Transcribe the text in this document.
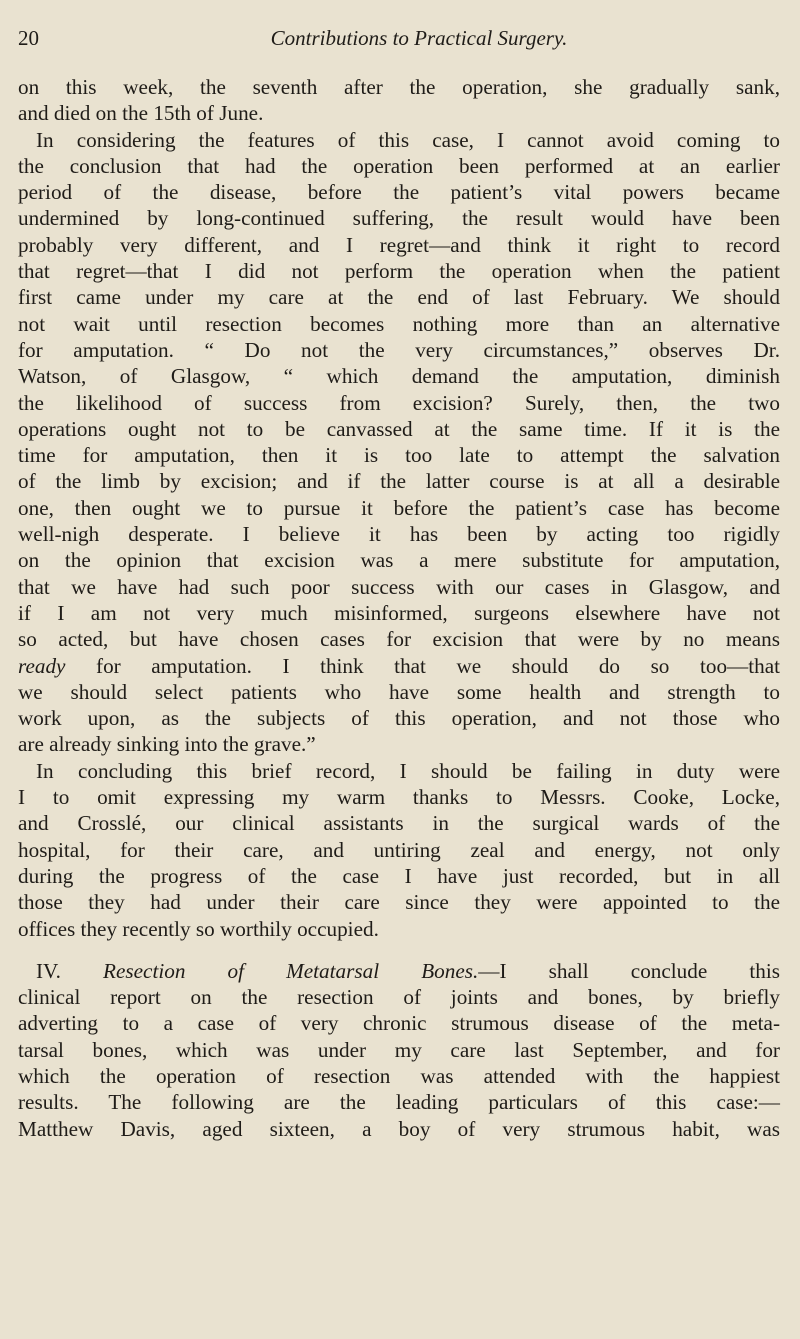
20	Contributions to Practical Surgery.

on this week, the seventh after the operation, she gradually sank,
and died on the 15th of June.

In considering the features of this case, I cannot avoid coming to
the conclusion that had the operation been performed at an earlier
period of the disease, before the patient’s vital powers became
undermined by long-continued suffering, the result would have been
probably very different, and I regret—and think it right to record
that regret—that I did not perform the operation when the patient
first came under my care at the end of last February. We should
not wait until resection becomes nothing more than an alternative
for amputation. “ Do not the very circumstances,” observes Dr.
Watson, of Glasgow, “ which demand the amputation, diminish
the likelihood of success from excision? Surely, then, the two
operations ought not to be canvassed at the same time. If it is the
time for amputation, then it is too late to attempt the salvation
of the limb by excision; and if the latter course is at all a desirable
one, then ought we to pursue it before the patient’s case has become
well-nigh desperate. I believe it has been by acting too rigidly
on the opinion that excision was a mere substitute for amputation,
that we have had such poor success with our cases in Glasgow, and
if I am not very much misinformed, surgeons elsewhere have not
so acted, but have chosen cases for excision that were by no means
ready for amputation. I think that we should do so too—that
we should select patients who have some health and strength to
work upon, as the subjects of this operation, and not those who
are already sinking into the grave.”

In concluding this brief record, I should be failing in duty were
I to omit expressing my warm thanks to Messrs. Cooke, Locke,
and Crosslé, our clinical assistants in the surgical wards of the
hospital, for their care, and untiring zeal and energy, not only
during the progress of the case I have just recorded, but in all
those they had under their care since they were appointed to the
offices they recently so worthily occupied.

IV. Resection of Metatarsal Bones.—I shall conclude this
clinical report on the resection of joints and bones, by briefly
adverting to a case of very chronic strumous disease of the meta-
tarsal bones, which was under my care last September, and for
which the operation of resection was attended with the happiest
results. The following are the leading particulars of this case:—
Matthew Davis, aged sixteen, a boy of very strumous habit, was
